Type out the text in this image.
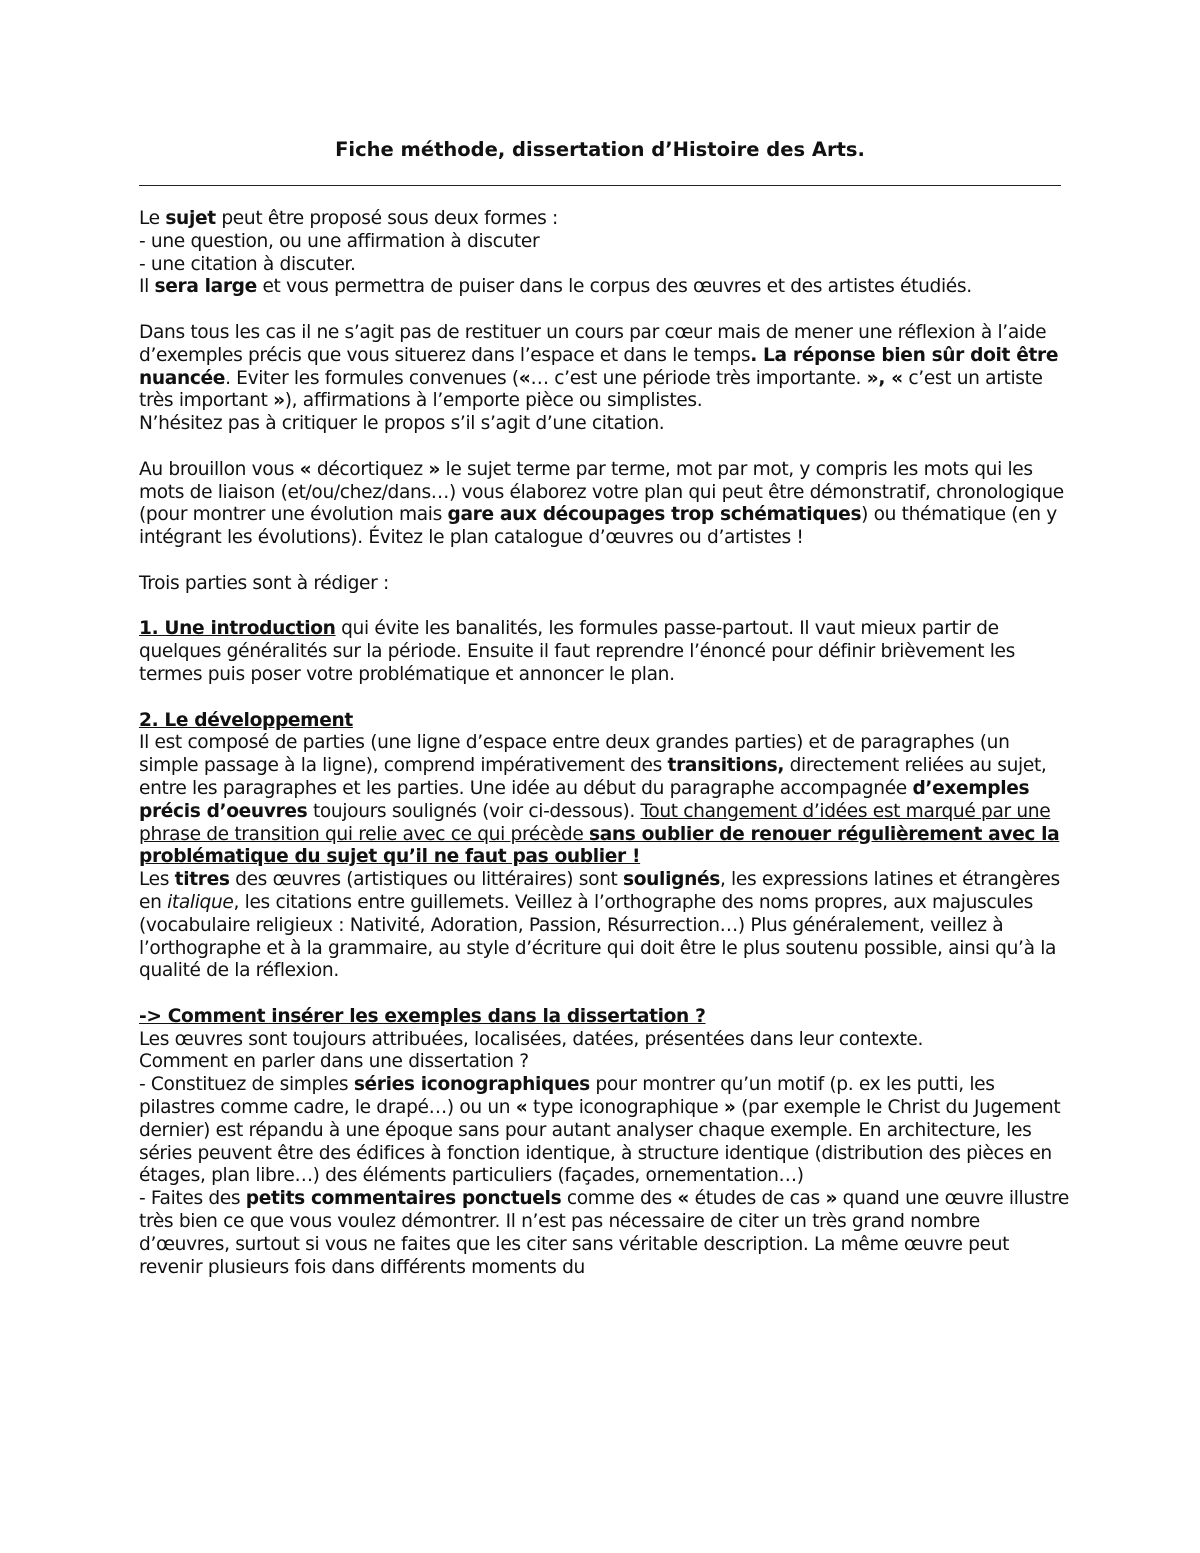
Fiche méthode, dissertation d’Histoire des Arts.

Le sujet peut être proposé sous deux formes :
- une question, ou une affirmation à discuter
- une citation à discuter.
Il sera large et vous permettra de puiser dans le corpus des œuvres et des artistes étudiés.

Dans tous les cas il ne s’agit pas de restituer un cours par cœur mais de mener une réflexion à l’aide d’exemples précis que vous situerez dans l’espace et dans le temps. La réponse bien sûr doit être nuancée. Eviter les formules convenues («… c’est une période très importante. », « c’est un artiste très important »), affirmations à l’emporte pièce ou simplistes.
N’hésitez pas à critiquer le propos s’il s’agit d’une citation.

Au brouillon vous « décortiquez » le sujet terme par terme, mot par mot, y compris les mots qui les mots de liaison (et/ou/chez/dans…) vous élaborez votre plan qui peut être démonstratif, chronologique (pour montrer une évolution mais gare aux découpages trop schématiques) ou thématique (en y intégrant les évolutions). Évitez le plan catalogue d’œuvres ou d’artistes !

Trois parties sont à rédiger :

1. Une introduction qui évite les banalités, les formules passe-partout. Il vaut mieux partir de quelques généralités sur la période. Ensuite il faut reprendre l’énoncé pour définir brièvement les termes puis poser votre problématique et annoncer le plan.

2. Le développement
Il est composé de parties (une ligne d’espace entre deux grandes parties) et de paragraphes (un simple passage à la ligne), comprend impérativement des transitions, directement reliées au sujet, entre les paragraphes et les parties. Une idée au début du paragraphe accompagnée d’exemples précis d’oeuvres toujours soulignés (voir ci-dessous). Tout changement d’idées est marqué par une phrase de transition qui relie avec ce qui précède sans oublier de renouer régulièrement avec la problématique du sujet qu’il ne faut pas oublier !
Les titres des œuvres (artistiques ou littéraires) sont soulignés, les expressions latines et étrangères en italique, les citations entre guillemets. Veillez à l’orthographe des noms propres, aux majuscules (vocabulaire religieux : Nativité, Adoration, Passion, Résurrection…) Plus généralement, veillez à l’orthographe et à la grammaire, au style d’écriture qui doit être le plus soutenu possible, ainsi qu’à la qualité de la réflexion.

-> Comment insérer les exemples dans la dissertation ?
Les œuvres sont toujours attribuées, localisées, datées, présentées dans leur contexte.
Comment en parler dans une dissertation ?
- Constituez de simples séries iconographiques pour montrer qu’un motif (p. ex les putti, les pilastres comme cadre, le drapé…) ou un « type iconographique » (par exemple le Christ du Jugement dernier) est répandu à une époque sans pour autant analyser chaque exemple. En architecture, les séries peuvent être des édifices à fonction identique, à structure identique (distribution des pièces en étages, plan libre…) des éléments particuliers (façades, ornementation…)
- Faites des petits commentaires ponctuels comme des « études de cas » quand une œuvre illustre très bien ce que vous voulez démontrer. Il n’est pas nécessaire de citer un très grand nombre d’œuvres, surtout si vous ne faites que les citer sans véritable description. La même œuvre peut revenir plusieurs fois dans différents moments du
